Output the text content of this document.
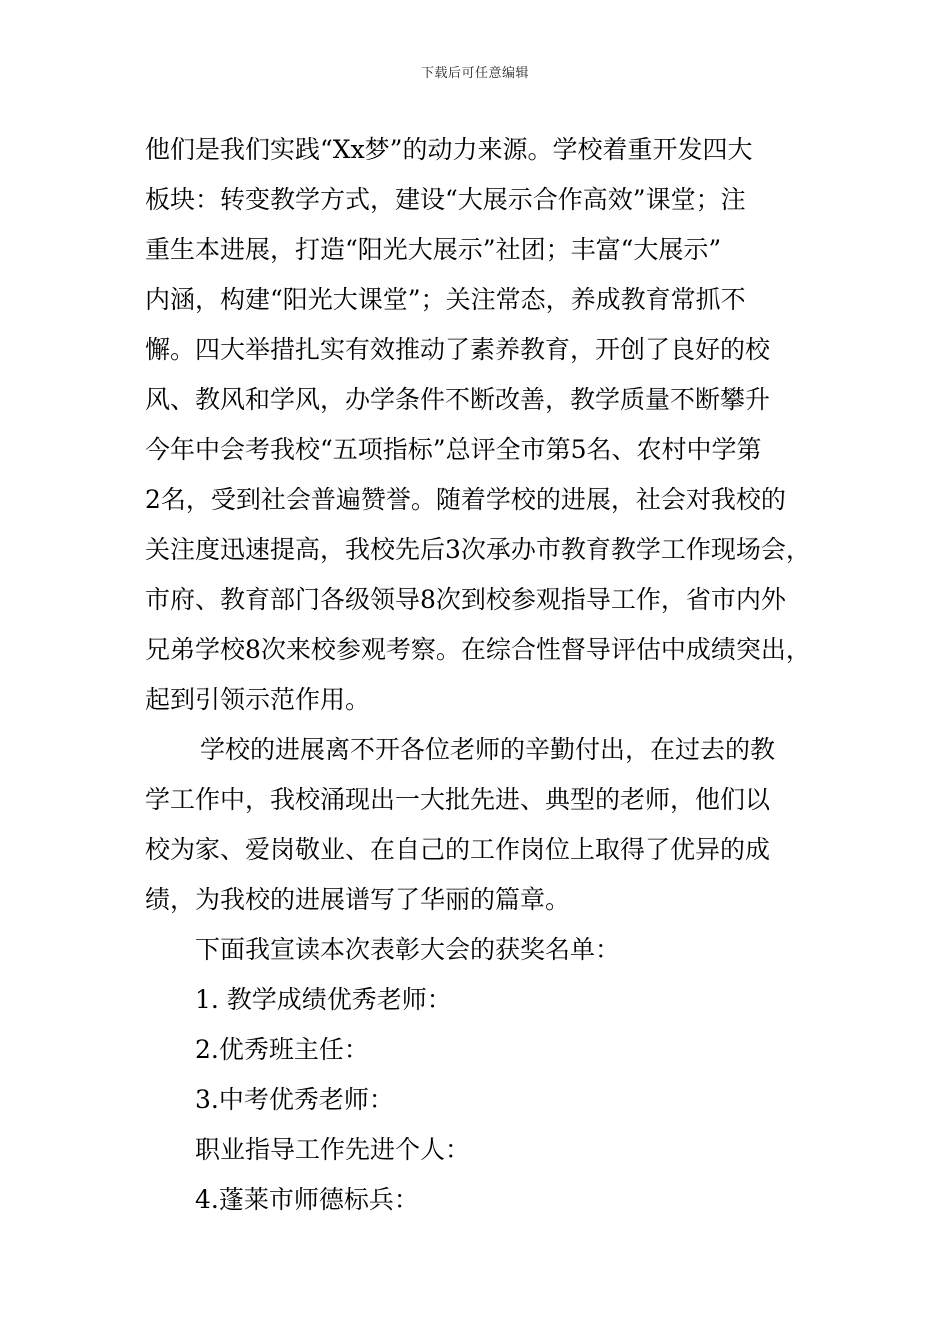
下载后可任意编辑
他们是我们实践“Xx梦”的动力来源。学校着重开发四大
板块：转变教学方式，建设“大展示合作高效”课堂；注
重生本进展，打造“阳光大展示”社团；丰富“大展示”
内涵，构建“阳光大课堂”；关注常态，养成教育常抓不
懈。四大举措扎实有效推动了素养教育，开创了良好的校
风、教风和学风，办学条件不断改善，教学质量不断攀升
今年中会考我校“五项指标”总评全市第5名、农村中学第
2名，受到社会普遍赞誉。随着学校的进展，社会对我校的
关注度迅速提高，我校先后3次承办市教育教学工作现场会，
市府、教育部门各级领导8次到校参观指导工作，省市内外
兄弟学校8次来校参观考察。在综合性督导评估中成绩突出，
起到引领示范作用。
学校的进展离不开各位老师的辛勤付出，在过去的教
学工作中，我校涌现出一大批先进、典型的老师，他们以
校为家、爱岗敬业、在自己的工作岗位上取得了优异的成
绩，为我校的进展谱写了华丽的篇章。
下面我宣读本次表彰大会的获奖名单：
1. 教学成绩优秀老师：
2.优秀班主任：
3.中考优秀老师：
职业指导工作先进个人：
4.蓬莱市师德标兵：
